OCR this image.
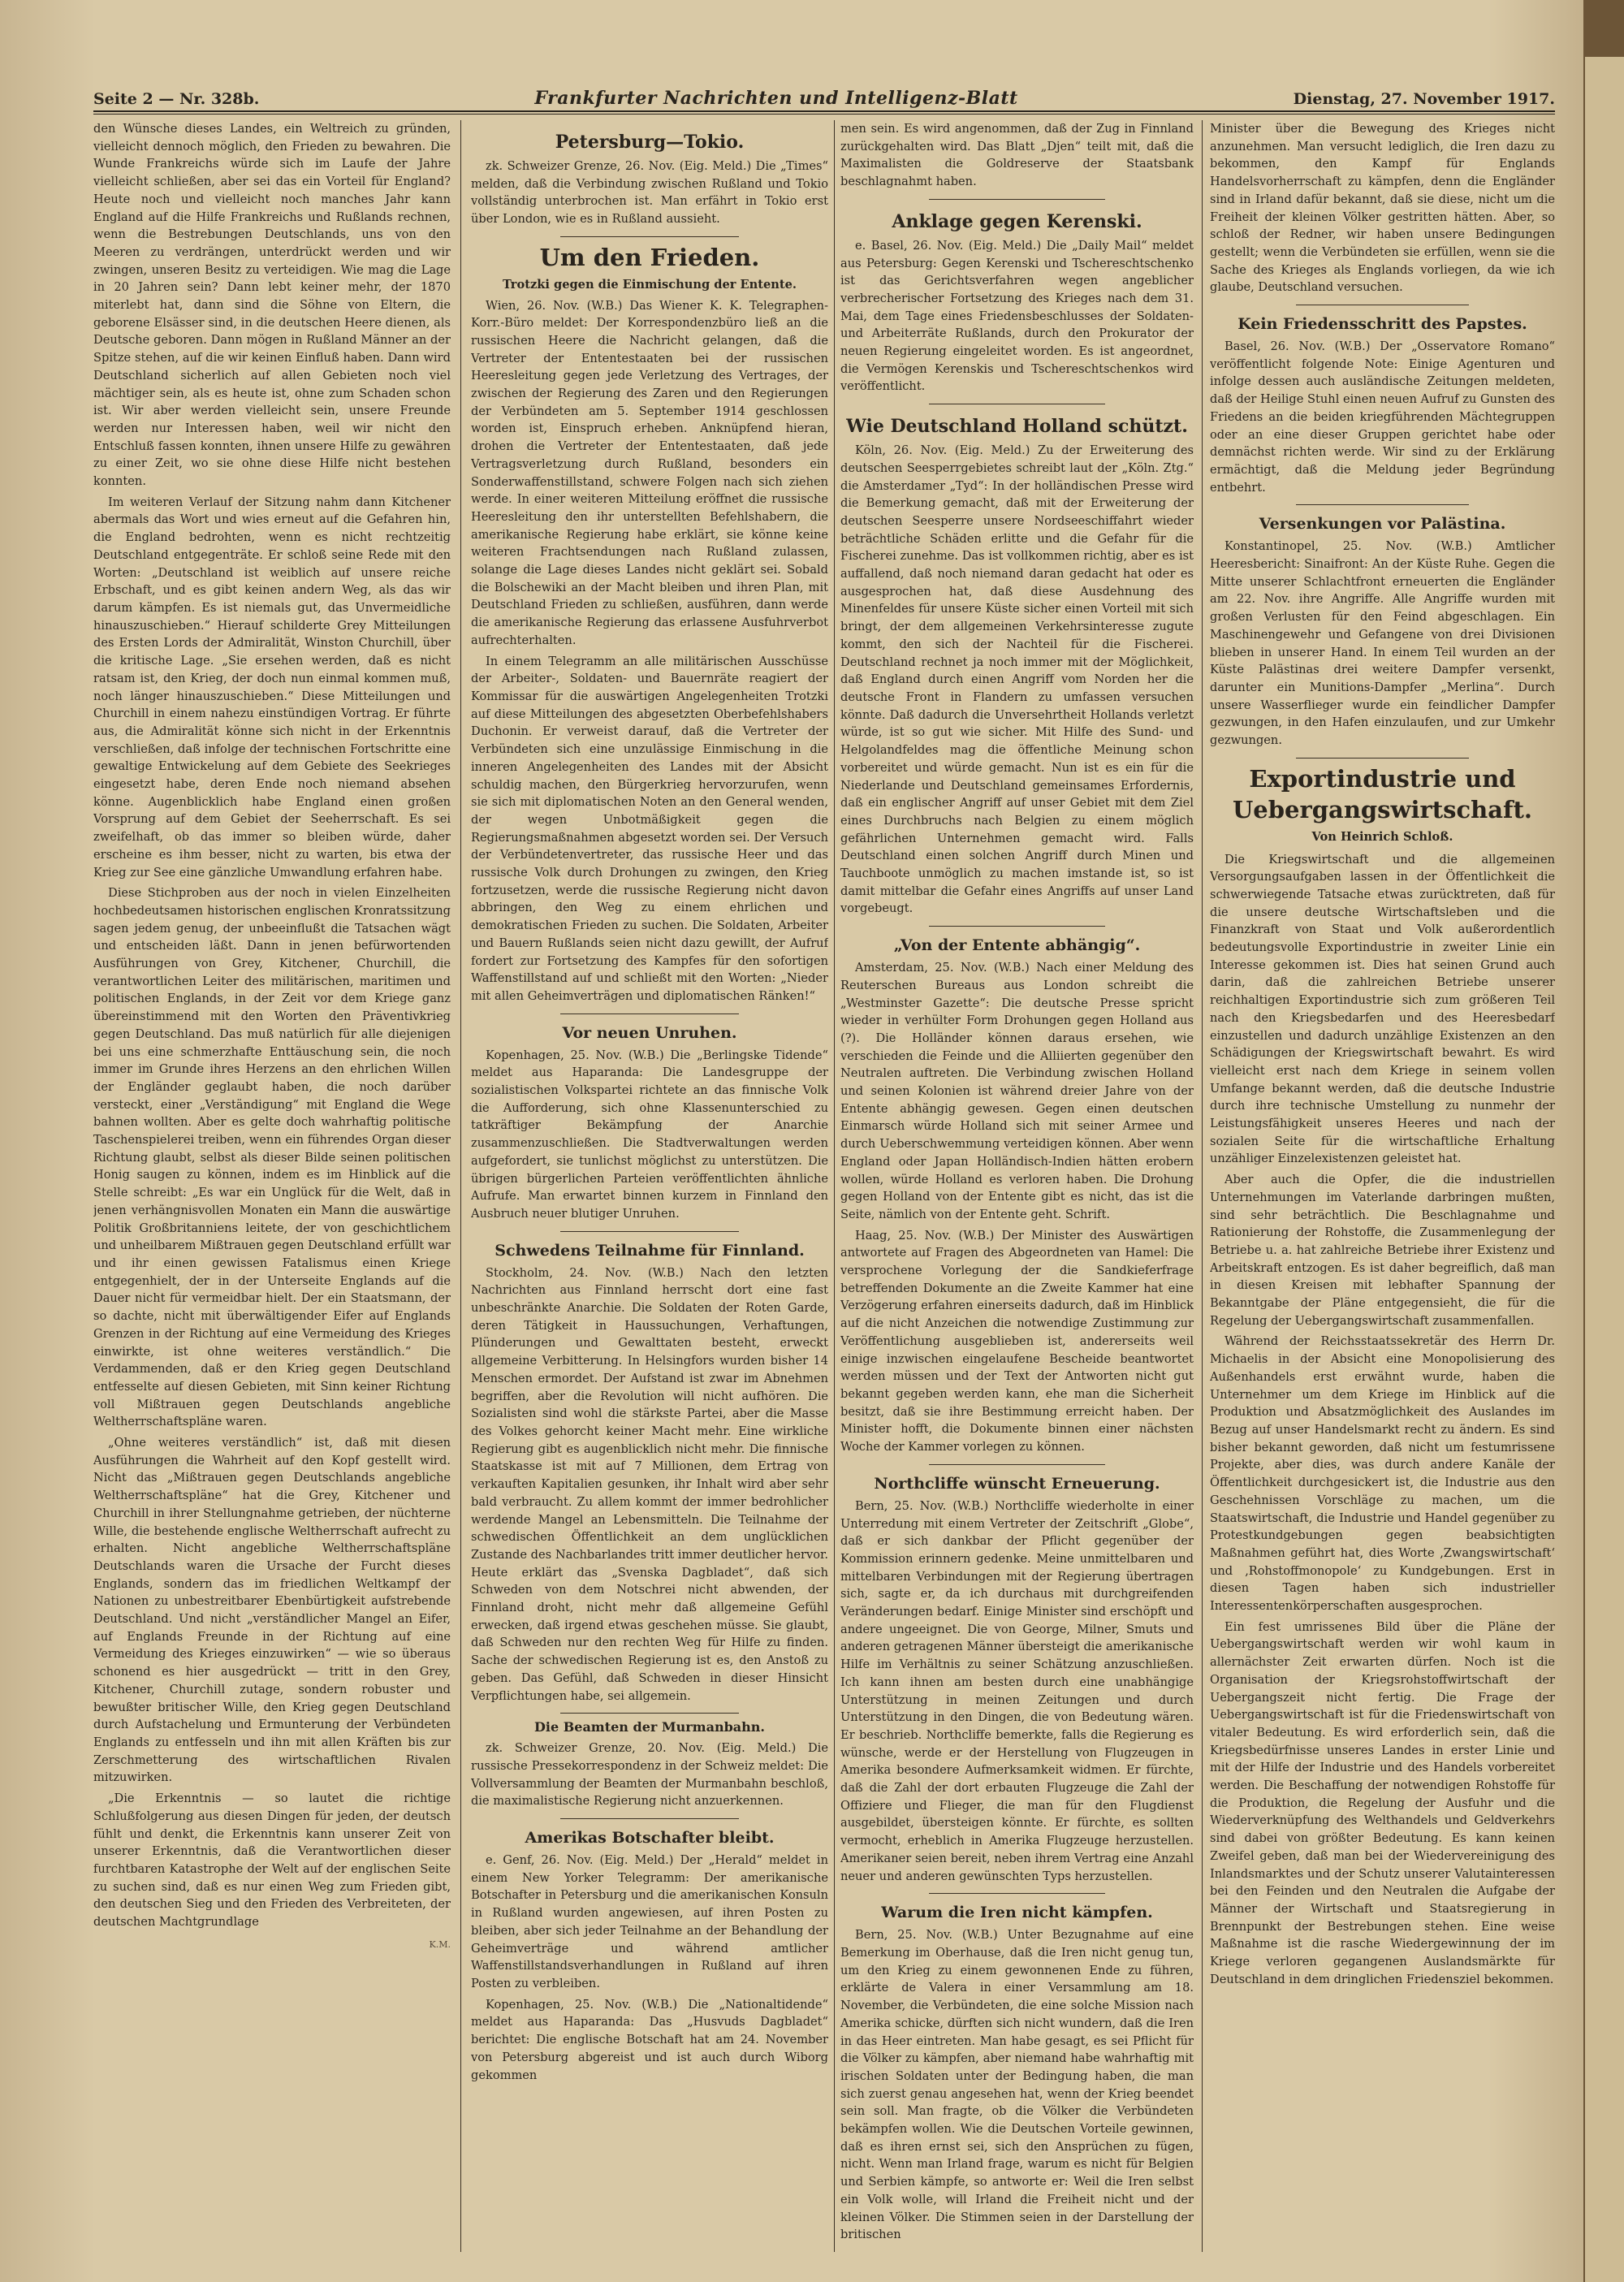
Seite 2 — Nr. 328b.	Frankfurter Nachrichten und Intelligenz-Blatt	Dienstag, 27. November 1917.

den Wünsche dieses Landes, ein Weltreich zu gründen, vielleicht dennoch möglich, den Frieden zu bewahren. Die Wunde Frankreichs würde sich im Laufe der Jahre vielleicht schließen, aber sei das ein Vorteil für England? Heute noch und vielleicht noch manches Jahr kann England auf die Hilfe Frankreichs und Rußlands rechnen, wenn die Bestrebungen Deutschlands, uns von den Meeren zu verdrängen, unterdrückt werden und wir zwingen, unseren Besitz zu verteidigen. Wie mag die Lage in 20 Jahren sein? Dann lebt keiner mehr, der 1870 miterlebt hat, dann sind die Söhne von Eltern, die geborene Elsässer sind, in die deutschen Heere dienen, als Deutsche geboren. Dann mögen in Rußland Männer an der Spitze stehen, auf die wir keinen Einfluß haben. Dann wird Deutschland sicherlich auf allen Gebieten noch viel mächtiger sein, als es heute ist, ohne zum Schaden schon ist. Wir aber werden vielleicht sein, unsere Freunde werden nur Interessen haben, weil wir nicht den Entschluß fassen konnten, ihnen unsere Hilfe zu gewähren zu einer Zeit, wo sie ohne diese Hilfe nicht bestehen konnten.

Im weiteren Verlauf der Sitzung nahm dann Kitchener abermals das Wort und wies erneut auf die Gefahren hin, die England bedrohten, wenn es nicht rechtzeitig Deutschland entgegenträte. Er schloß seine Rede mit den Worten: „Deutschland ist weiblich auf unsere reiche Erbschaft, und es gibt keinen andern Weg, als das wir darum kämpfen. Es ist niemals gut, das Unvermeidliche hinauszuschieben.“ Hierauf schilderte Grey Mitteilungen des Ersten Lords der Admiralität, Winston Churchill, über die kritische Lage. „Sie ersehen werden, daß es nicht ratsam ist, den Krieg, der doch nun einmal kommen muß, noch länger hinauszuschieben.“ Diese Mitteilungen und Churchill in einem nahezu einstündigen Vortrag. Er führte aus, die Admiralität könne sich nicht in der Erkenntnis verschließen, daß infolge der technischen Fortschritte eine gewaltige Entwickelung auf dem Gebiete des Seekrieges eingesetzt habe, deren Ende noch niemand absehen könne. Augenblicklich habe England einen großen Vorsprung auf dem Gebiet der Seeherrschaft. Es sei zweifelhaft, ob das immer so bleiben würde, daher erscheine es ihm besser, nicht zu warten, bis etwa der Krieg zur See eine gänzliche Umwandlung erfahren habe.

Diese Stichproben aus der noch in vielen Einzelheiten hochbedeutsamen historischen englischen Kronratssitzung sagen jedem genug, der unbeeinflußt die Tatsachen wägt und entscheiden läßt. Dann in jenen befürwortenden Ausführungen von Grey, Kitchener, Churchill, die verantwortlichen Leiter des militärischen, maritimen und politischen Englands, in der Zeit vor dem Kriege ganz übereinstimmend mit den Worten den Präventivkrieg gegen Deutschland. Das muß natürlich für alle diejenigen bei uns eine schmerzhafte Enttäuschung sein, die noch immer im Grunde ihres Herzens an den ehrlichen Willen der Engländer geglaubt haben, die noch darüber versteckt, einer „Verständigung“ mit England die Wege bahnen wollten. Aber es gelte doch wahrhaftig politische Taschenspielerei treiben, wenn ein führendes Organ dieser Richtung glaubt, selbst als dieser Bilde seinen politischen Honig saugen zu können, indem es im Hinblick auf die Stelle schreibt: „Es war ein Unglück für die Welt, daß in jenen verhängnisvollen Monaten ein Mann die auswärtige Politik Großbritanniens leitete, der von geschichtlichem und unheilbarem Mißtrauen gegen Deutschland erfüllt war und ihr einen gewissen Fatalismus einen Kriege entgegenhielt, der in der Unterseite Englands auf die Dauer nicht für vermeidbar hielt. Der ein Staatsmann, der so dachte, nicht mit überwältigender Eifer auf Englands Grenzen in der Richtung auf eine Vermeidung des Krieges einwirkte, ist ohne weiteres verständlich.“ Die Verdammenden, daß er den Krieg gegen Deutschland entfesselte auf diesen Gebieten, mit Sinn keiner Richtung voll Mißtrauen gegen Deutschlands angebliche Weltherrschaftspläne waren.

„Ohne weiteres verständlich“ ist, daß mit diesen Ausführungen die Wahrheit auf den Kopf gestellt wird. Nicht das „Mißtrauen gegen Deutschlands angebliche Weltherrschaftspläne“ hat die Grey, Kitchener und Churchill in ihrer Stellungnahme getrieben, der nüchterne Wille, die bestehende englische Weltherrschaft aufrecht zu erhalten. Nicht angebliche Weltherrschaftspläne Deutschlands waren die Ursache der Furcht dieses Englands, sondern das im friedlichen Weltkampf der Nationen zu unbestreitbarer Ebenbürtigkeit aufstrebende Deutschland. Und nicht „verständlicher Mangel an Eifer, auf Englands Freunde in der Richtung auf eine Vermeidung des Krieges einzuwirken“ — wie so überaus schonend es hier ausgedrückt — tritt in den Grey, Kitchener, Churchill zutage, sondern robuster und bewußter britischer Wille, den Krieg gegen Deutschland durch Aufstachelung und Ermunterung der Verbündeten Englands zu entfesseln und ihn mit allen Kräften bis zur Zerschmetterung des wirtschaftlichen Rivalen mitzuwirken.

„Die Erkenntnis — so lautet die richtige Schlußfolgerung aus diesen Dingen für jeden, der deutsch fühlt und denkt, die Erkenntnis kann unserer Zeit von unserer Erkenntnis, daß die Verantwortlichen dieser furchtbaren Katastrophe der Welt auf der englischen Seite zu suchen sind, daß es nur einen Weg zum Frieden gibt, den deutschen Sieg und den Frieden des Verbreiteten, der deutschen Machtgrundlage

K.M.
Petersburg—Tokio.

zk. Schweizer Grenze, 26. Nov. (Eig. Meld.) Die „Times“ melden, daß die Verbindung zwischen Rußland und Tokio vollständig unterbrochen ist. Man erfährt in Tokio erst über London, wie es in Rußland aussieht.

Um den Frieden.
Trotzki gegen die Einmischung der Entente.

Wien, 26. Nov. (W.B.) Das Wiener K. K. Telegraphen-Korr.-Büro meldet: Der Korrespondenzbüro ließ an die russischen Heere die Nachricht gelangen, daß die Vertreter der Ententestaaten bei der russischen Heeresleitung gegen jede Verletzung des Vertrages, der zwischen der Regierung des Zaren und den Regierungen der Verbündeten am 5. September 1914 geschlossen worden ist, Einspruch erheben. Anknüpfend hieran, drohen die Vertreter der Ententestaaten, daß jede Vertragsverletzung durch Rußland, besonders ein Sonderwaffenstillstand, schwere Folgen nach sich ziehen werde. In einer weiteren Mitteilung eröffnet die russische Heeresleitung den ihr unterstellten Befehlshabern, die amerikanische Regierung habe erklärt, sie könne keine weiteren Frachtsendungen nach Rußland zulassen, solange die Lage dieses Landes nicht geklärt sei. Sobald die Bolschewiki an der Macht bleiben und ihren Plan, mit Deutschland Frieden zu schließen, ausführen, dann werde die amerikanische Regierung das erlassene Ausfuhrverbot aufrechterhalten.

In einem Telegramm an alle militärischen Ausschüsse der Arbeiter-, Soldaten- und Bauernräte reagiert der Kommissar für die auswärtigen Angelegenheiten Trotzki auf diese Mitteilungen des abgesetzten Oberbefehlshabers Duchonin. Er verweist darauf, daß die Vertreter der Verbündeten sich eine unzulässige Einmischung in die inneren Angelegenheiten des Landes mit der Absicht schuldig machen, den Bürgerkrieg hervorzurufen, wenn sie sich mit diplomatischen Noten an den General wenden, der wegen Unbotmäßigkeit gegen die Regierungsmaßnahmen abgesetzt worden sei. Der Versuch der Verbündetenvertreter, das russische Heer und das russische Volk durch Drohungen zu zwingen, den Krieg fortzusetzen, werde die russische Regierung nicht davon abbringen, den Weg zu einem ehrlichen und demokratischen Frieden zu suchen. Die Soldaten, Arbeiter und Bauern Rußlands seien nicht dazu gewillt, der Aufruf fordert zur Fortsetzung des Kampfes für den sofortigen Waffenstillstand auf und schließt mit den Worten: „Nieder mit allen Geheimverträgen und diplomatischen Ränken!“

Vor neuen Unruhen.

Kopenhagen, 25. Nov. (W.B.) Die „Berlingske Tidende“ meldet aus Haparanda: Die Landesgruppe der sozialistischen Volkspartei richtete an das finnische Volk die Aufforderung, sich ohne Klassenunterschied zu tatkräftiger Bekämpfung der Anarchie zusammenzuschließen. Die Stadtverwaltungen werden aufgefordert, sie tunlichst möglichst zu unterstützen. Die übrigen bürgerlichen Parteien veröffentlichten ähnliche Aufrufe. Man erwartet binnen kurzem in Finnland den Ausbruch neuer blutiger Unruhen.

Schwedens Teilnahme für Finnland.

Stockholm, 24. Nov. (W.B.) Nach den letzten Nachrichten aus Finnland herrscht dort eine fast unbeschränkte Anarchie. Die Soldaten der Roten Garde, deren Tätigkeit in Haussuchungen, Verhaftungen, Plünderungen und Gewalttaten besteht, erweckt allgemeine Verbitterung. In Helsingfors wurden bisher 14 Menschen ermordet. Der Aufstand ist zwar im Abnehmen begriffen, aber die Revolution will nicht aufhören. Die Sozialisten sind wohl die stärkste Partei, aber die Masse des Volkes gehorcht keiner Macht mehr. Eine wirkliche Regierung gibt es augenblicklich nicht mehr. Die finnische Staatskasse ist mit auf 7 Millionen, dem Ertrag von verkauften Kapitalien gesunken, ihr Inhalt wird aber sehr bald verbraucht. Zu allem kommt der immer bedrohlicher werdende Mangel an Lebensmitteln. Die Teilnahme der schwedischen Öffentlichkeit an dem unglücklichen Zustande des Nachbarlandes tritt immer deutlicher hervor. Heute erklärt das „Svenska Dagbladet“, daß sich Schweden von dem Notschrei nicht abwenden, der Finnland droht, nicht mehr daß allgemeine Gefühl erwecken, daß irgend etwas geschehen müsse. Sie glaubt, daß Schweden nur den rechten Weg für Hilfe zu finden. Sache der schwedischen Regierung ist es, den Anstoß zu geben. Das Gefühl, daß Schweden in dieser Hinsicht Verpflichtungen habe, sei allgemein.

Die Beamten der Murmanbahn.

zk. Schweizer Grenze, 20. Nov. (Eig. Meld.) Die russische Pressekorrespondenz in der Schweiz meldet: Die Vollversammlung der Beamten der Murmanbahn beschloß, die maximalistische Regierung nicht anzuerkennen.

Amerikas Botschafter bleibt.

e. Genf, 26. Nov. (Eig. Meld.) Der „Herald“ meldet in einem New Yorker Telegramm: Der amerikanische Botschafter in Petersburg und die amerikanischen Konsuln in Rußland wurden angewiesen, auf ihren Posten zu bleiben, aber sich jeder Teilnahme an der Behandlung der Geheimverträge und während amtlicher Waffenstillstandsverhandlungen in Rußland auf ihren Posten zu verbleiben.

Kopenhagen, 25. Nov. (W.B.) Die „Nationaltidende“ meldet aus Haparanda: Das „Husvuds Dagbladet“ berichtet: Die englische Botschaft hat am 24. November von Petersburg abgereist und ist auch durch Wiborg gekommen

men sein. Es wird angenommen, daß der Zug in Finnland zurückgehalten wird. Das Blatt „Djen“ teilt mit, daß die Maximalisten die Goldreserve der Staatsbank beschlagnahmt haben.

Anklage gegen Kerenski.

e. Basel, 26. Nov. (Eig. Meld.) Die „Daily Mail“ meldet aus Petersburg: Gegen Kerenski und Tschereschtschenko ist das Gerichtsverfahren wegen angeblicher verbrecherischer Fortsetzung des Krieges nach dem 31. Mai, dem Tage eines Friedensbeschlusses der Soldaten- und Arbeiterräte Rußlands, durch den Prokurator der neuen Regierung eingeleitet worden. Es ist angeordnet, die Vermögen Kerenskis und Tschereschtschenkos wird veröffentlicht.

Wie Deutschland Holland schützt.

Köln, 26. Nov. (Eig. Meld.) Zu der Erweiterung des deutschen Seesperrgebietes schreibt laut der „Köln. Ztg.“ die Amsterdamer „Tyd“: In der holländischen Presse wird die Bemerkung gemacht, daß mit der Erweiterung der deutschen Seesperre unsere Nordseeschiffahrt wieder beträchtliche Schäden erlitte und die Gefahr für die Fischerei zunehme. Das ist vollkommen richtig, aber es ist auffallend, daß noch niemand daran gedacht hat oder es ausgesprochen hat, daß diese Ausdehnung des Minenfeldes für unsere Küste sicher einen Vorteil mit sich bringt, der dem allgemeinen Verkehrsinteresse zugute kommt, den sich der Nachteil für die Fischerei. Deutschland rechnet ja noch immer mit der Möglichkeit, daß England durch einen Angriff vom Norden her die deutsche Front in Flandern zu umfassen versuchen könnte. Daß dadurch die Unversehrtheit Hollands verletzt würde, ist so gut wie sicher. Mit Hilfe des Sund- und Helgolandfeldes mag die öffentliche Meinung schon vorbereitet und würde gemacht. Nun ist es ein für die Niederlande und Deutschland gemeinsames Erfordernis, daß ein englischer Angriff auf unser Gebiet mit dem Ziel eines Durchbruchs nach Belgien zu einem möglich gefährlichen Unternehmen gemacht wird. Falls Deutschland einen solchen Angriff durch Minen und Tauchboote unmöglich zu machen imstande ist, so ist damit mittelbar die Gefahr eines Angriffs auf unser Land vorgebeugt.

„Von der Entente abhängig“.

Amsterdam, 25. Nov. (W.B.) Nach einer Meldung des Reuterschen Bureaus aus London schreibt die „Westminster Gazette“: Die deutsche Presse spricht wieder in verhülter Form Drohungen gegen Holland aus (?). Die Holländer können daraus ersehen, wie verschieden die Feinde und die Alliierten gegenüber den Neutralen auftreten. Die Verbindung zwischen Holland und seinen Kolonien ist während dreier Jahre von der Entente abhängig gewesen. Gegen einen deutschen Einmarsch würde Holland sich mit seiner Armee und durch Ueberschwemmung verteidigen können. Aber wenn England oder Japan Holländisch-Indien hätten erobern wollen, würde Holland es verloren haben. Die Drohung gegen Holland von der Entente gibt es nicht, das ist die Seite, nämlich von der Entente geht. Schrift.

Haag, 25. Nov. (W.B.) Der Minister des Auswärtigen antwortete auf Fragen des Abgeordneten van Hamel: Die versprochene Vorlegung der die Sandkieferfrage betreffenden Dokumente an die Zweite Kammer hat eine Verzögerung erfahren einerseits dadurch, daß im Hinblick auf die nicht Anzeichen die notwendige Zustimmung zur Veröffentlichung ausgeblieben ist, andererseits weil einige inzwischen eingelaufene Bescheide beantwortet werden müssen und der Text der Antworten nicht gut bekannt gegeben werden kann, ehe man die Sicherheit besitzt, daß sie ihre Bestimmung erreicht haben. Der Minister hofft, die Dokumente binnen einer nächsten Woche der Kammer vorlegen zu können.

Northcliffe wünscht Erneuerung.

Bern, 25. Nov. (W.B.) Northcliffe wiederholte in einer Unterredung mit einem Vertreter der Zeitschrift „Globe“, daß er sich dankbar der Pflicht gegenüber der Kommission erinnern gedenke. Meine unmittelbaren und mittelbaren Verbindungen mit der Regierung übertragen sich, sagte er, da ich durchaus mit durchgreifenden Veränderungen bedarf. Einige Minister sind erschöpft und andere ungeeignet. Die von George, Milner, Smuts und anderen getragenen Männer übersteigt die amerikanische Hilfe im Verhältnis zu seiner Schätzung anzuschließen. Ich kann ihnen am besten durch eine unabhängige Unterstützung in meinen Zeitungen und durch Unterstützung in den Dingen, die von Bedeutung wären. Er beschrieb. Northcliffe bemerkte, falls die Regierung es wünsche, werde er der Herstellung von Flugzeugen in Amerika besondere Aufmerksamkeit widmen. Er fürchte, daß die Zahl der dort erbauten Flugzeuge die Zahl der Offiziere und Flieger, die man für den Flugdienst ausgebildet, übersteigen könnte. Er fürchte, es sollten vermocht, erheblich in Amerika Flugzeuge herzustellen. Amerikaner seien bereit, neben ihrem Vertrag eine Anzahl neuer und anderen gewünschten Typs herzustellen.

Warum die Iren nicht kämpfen.

Bern, 25. Nov. (W.B.) Unter Bezugnahme auf eine Bemerkung im Oberhause, daß die Iren nicht genug tun, um den Krieg zu einem gewonnenen Ende zu führen, erklärte de Valera in einer Versammlung am 18. November, die Verbündeten, die eine solche Mission nach Amerika schicke, dürften sich nicht wundern, daß die Iren in das Heer eintreten. Man habe gesagt, es sei Pflicht für die Völker zu kämpfen, aber niemand habe wahrhaftig mit irischen Soldaten unter der Bedingung haben, die man sich zuerst genau angesehen hat, wenn der Krieg beendet sein soll. Man fragte, ob die Völker die Verbündeten bekämpfen wollen. Wie die Deutschen Vorteile gewinnen, daß es ihren ernst sei, sich den Ansprüchen zu fügen, nicht. Wenn man Irland frage, warum es nicht für Belgien und Serbien kämpfe, so antworte er: Weil die Iren selbst ein Volk wolle, will Irland die Freiheit nicht und der kleinen Völker. Die Stimmen seien in der Darstellung der britischen

Minister über die Bewegung des Krieges nicht anzunehmen. Man versucht lediglich, die Iren dazu zu bekommen, den Kampf für Englands Handelsvorherrschaft zu kämpfen, denn die Engländer sind in Irland dafür bekannt, daß sie diese, nicht um die Freiheit der kleinen Völker gestritten hätten. Aber, so schloß der Redner, wir haben unsere Bedingungen gestellt; wenn die Verbündeten sie erfüllen, wenn sie die Sache des Krieges als Englands vorliegen, da wie ich glaube, Deutschland versuchen.

Kein Friedensschritt des Papstes.

Basel, 26. Nov. (W.B.) Der „Osservatore Romano“ veröffentlicht folgende Note: Einige Agenturen und infolge dessen auch ausländische Zeitungen meldeten, daß der Heilige Stuhl einen neuen Aufruf zu Gunsten des Friedens an die beiden kriegführenden Mächtegruppen oder an eine dieser Gruppen gerichtet habe oder demnächst richten werde. Wir sind zu der Erklärung ermächtigt, daß die Meldung jeder Begründung entbehrt.

Versenkungen vor Palästina.

Konstantinopel, 25. Nov. (W.B.) Amtlicher Heeresbericht: Sinaifront: An der Küste Ruhe. Gegen die Mitte unserer Schlachtfront erneuerten die Engländer am 22. Nov. ihre Angriffe. Alle Angriffe wurden mit großen Verlusten für den Feind abgeschlagen. Ein Maschinengewehr und Gefangene von drei Divisionen blieben in unserer Hand. In einem Teil wurden an der Küste Palästinas drei weitere Dampfer versenkt, darunter ein Munitions-Dampfer „Merlina“. Durch unsere Wasserflieger wurde ein feindlicher Dampfer gezwungen, in den Hafen einzulaufen, und zur Umkehr gezwungen.

Exportindustrie und Uebergangswirtschaft.
Von Heinrich Schloß.

Die Kriegswirtschaft und die allgemeinen Versorgungsaufgaben lassen in der Öffentlichkeit die schwerwiegende Tatsache etwas zurücktreten, daß für die unsere deutsche Wirtschaftsleben und die Finanzkraft von Staat und Volk außerordentlich bedeutungsvolle Exportindustrie in zweiter Linie ein Interesse gekommen ist. Dies hat seinen Grund auch darin, daß die zahlreichen Betriebe unserer reichhaltigen Exportindustrie sich zum größeren Teil nach den Kriegsbedarfen und des Heeresbedarf einzustellen und dadurch unzählige Existenzen an den Schädigungen der Kriegswirtschaft bewahrt. Es wird vielleicht erst nach dem Kriege in seinem vollen Umfange bekannt werden, daß die deutsche Industrie durch ihre technische Umstellung zu nunmehr der Leistungsfähigkeit unseres Heeres und nach der sozialen Seite für die wirtschaftliche Erhaltung unzähliger Einzelexistenzen geleistet hat.

Aber auch die Opfer, die die industriellen Unternehmungen im Vaterlande darbringen mußten, sind sehr beträchtlich. Die Beschlagnahme und Rationierung der Rohstoffe, die Zusammenlegung der Betriebe u. a. hat zahlreiche Betriebe ihrer Existenz und Arbeitskraft entzogen. Es ist daher begreiflich, daß man in diesen Kreisen mit lebhafter Spannung der Bekanntgabe der Pläne entgegensieht, die für die Regelung der Uebergangswirtschaft zusammenfallen.

Während der Reichsstaatssekretär des Herrn Dr. Michaelis in der Absicht eine Monopolisierung des Außenhandels erst erwähnt wurde, haben die Unternehmer um dem Kriege im Hinblick auf die Produktion und Absatzmöglichkeit des Auslandes im Bezug auf unser Handelsmarkt recht zu ändern. Es sind bisher bekannt geworden, daß nicht um festumrissene Projekte, aber dies, was durch andere Kanäle der Öffentlichkeit durchgesickert ist, die Industrie aus den Geschehnissen Vorschläge zu machen, um die Staatswirtschaft, die Industrie und Handel gegenüber zu Protestkundgebungen gegen beabsichtigten Maßnahmen geführt hat, dies Worte ‚Zwangswirtschaft‘ und ‚Rohstoffmonopole‘ zu Kundgebungen. Erst in diesen Tagen haben sich industrieller Interessentenkörperschaften ausgesprochen.

Ein fest umrissenes Bild über die Pläne der Uebergangswirtschaft werden wir wohl kaum in allernächster Zeit erwarten dürfen. Noch ist die Organisation der Kriegsrohstoffwirtschaft der Uebergangszeit nicht fertig. Die Frage der Uebergangswirtschaft ist für die Friedenswirtschaft von vitaler Bedeutung. Es wird erforderlich sein, daß die Kriegsbedürfnisse unseres Landes in erster Linie und mit der Hilfe der Industrie und des Handels vorbereitet werden. Die Beschaffung der notwendigen Rohstoffe für die Produktion, die Regelung der Ausfuhr und die Wiederverknüpfung des Welthandels und Geldverkehrs sind dabei von größter Bedeutung. Es kann keinen Zweifel geben, daß man bei der Wiedervereinigung des Inlandsmarktes und der Schutz unserer Valutainteressen bei den Feinden und den Neutralen die Aufgabe der Männer der Wirtschaft und Staatsregierung in Brennpunkt der Bestrebungen stehen. Eine weise Maßnahme ist die rasche Wiedergewinnung der im Kriege verloren gegangenen Auslandsmärkte für Deutschland in dem dringlichen Friedensziel bekommen.
